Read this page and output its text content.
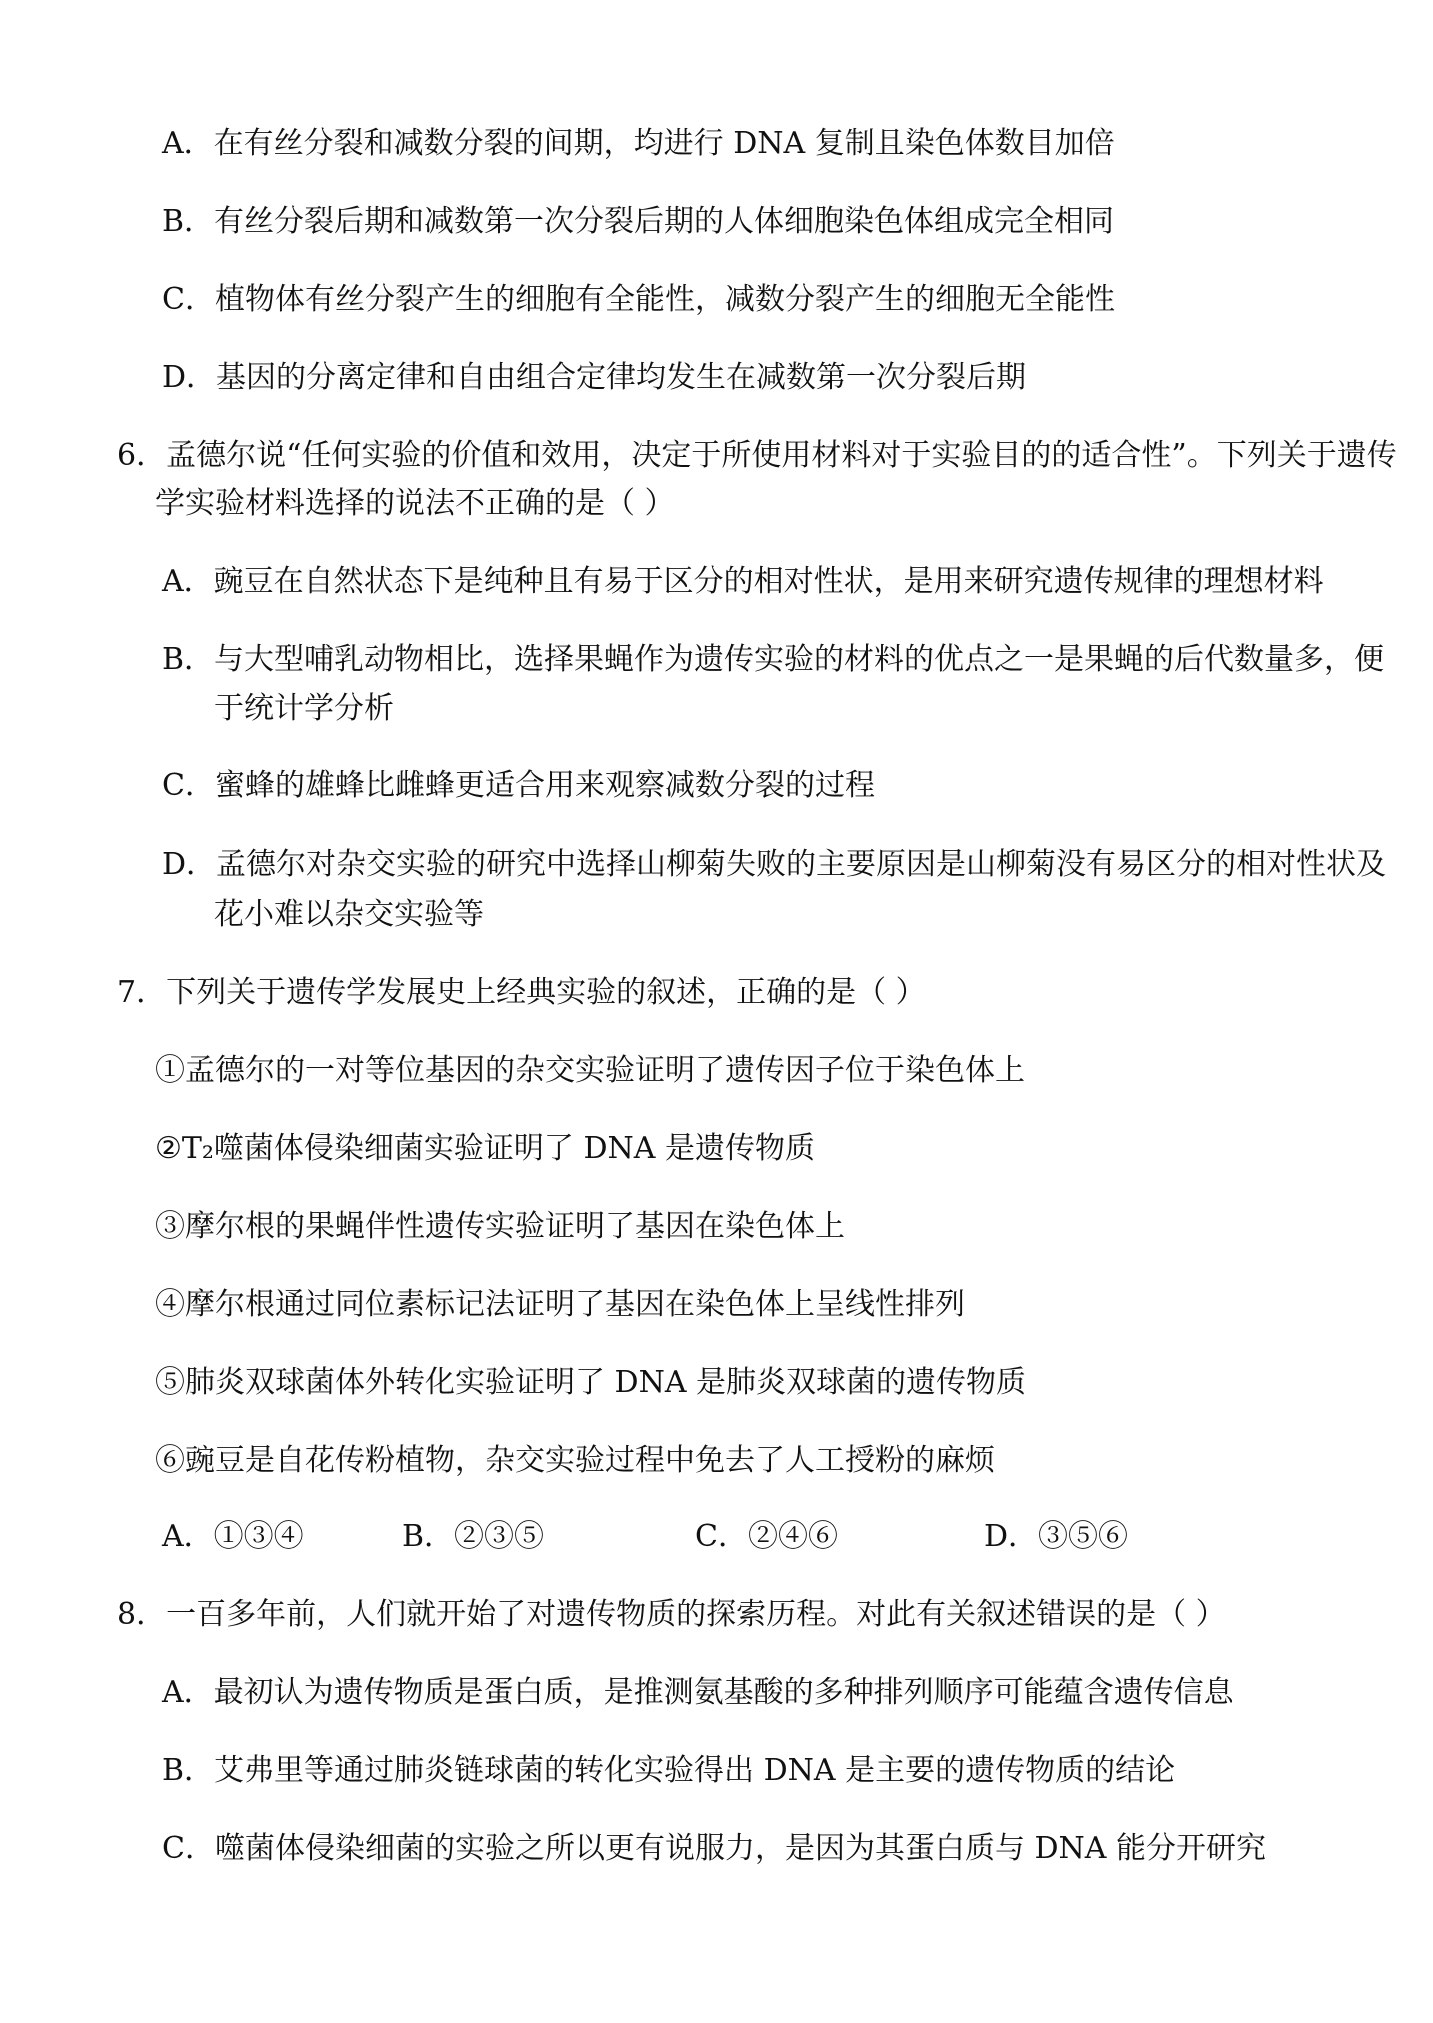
A．在有丝分裂和减数分裂的间期，均进行 DNA 复制且染色体数目加倍
B．有丝分裂后期和减数第一次分裂后期的人体细胞染色体组成完全相同
C．植物体有丝分裂产生的细胞有全能性，减数分裂产生的细胞无全能性
D．基因的分离定律和自由组合定律均发生在减数第一次分裂后期
6．孟德尔说“任何实验的价值和效用，决定于所使用材料对于实验目的的适合性”。下列关于遗传
学实验材料选择的说法不正确的是（ ）
A．豌豆在自然状态下是纯种且有易于区分的相对性状，是用来研究遗传规律的理想材料
B．与大型哺乳动物相比，选择果蝇作为遗传实验的材料的优点之一是果蝇的后代数量多，便
于统计学分析
C．蜜蜂的雄蜂比雌蜂更适合用来观察减数分裂的过程
D．孟德尔对杂交实验的研究中选择山柳菊失败的主要原因是山柳菊没有易区分的相对性状及
花小难以杂交实验等
7．下列关于遗传学发展史上经典实验的叙述，正确的是（ ）
①孟德尔的一对等位基因的杂交实验证明了遗传因子位于染色体上
②T₂噬菌体侵染细菌实验证明了 DNA 是遗传物质
③摩尔根的果蝇伴性遗传实验证明了基因在染色体上
④摩尔根通过同位素标记法证明了基因在染色体上呈线性排列
⑤肺炎双球菌体外转化实验证明了 DNA 是肺炎双球菌的遗传物质
⑥豌豆是自花传粉植物，杂交实验过程中免去了人工授粉的麻烦
A．①③④	B．②③⑤	C．②④⑥	D．③⑤⑥
8．一百多年前，人们就开始了对遗传物质的探索历程。对此有关叙述错误的是（ ）
A．最初认为遗传物质是蛋白质，是推测氨基酸的多种排列顺序可能蕴含遗传信息
B．艾弗里等通过肺炎链球菌的转化实验得出 DNA 是主要的遗传物质的结论
C．噬菌体侵染细菌的实验之所以更有说服力，是因为其蛋白质与 DNA 能分开研究
